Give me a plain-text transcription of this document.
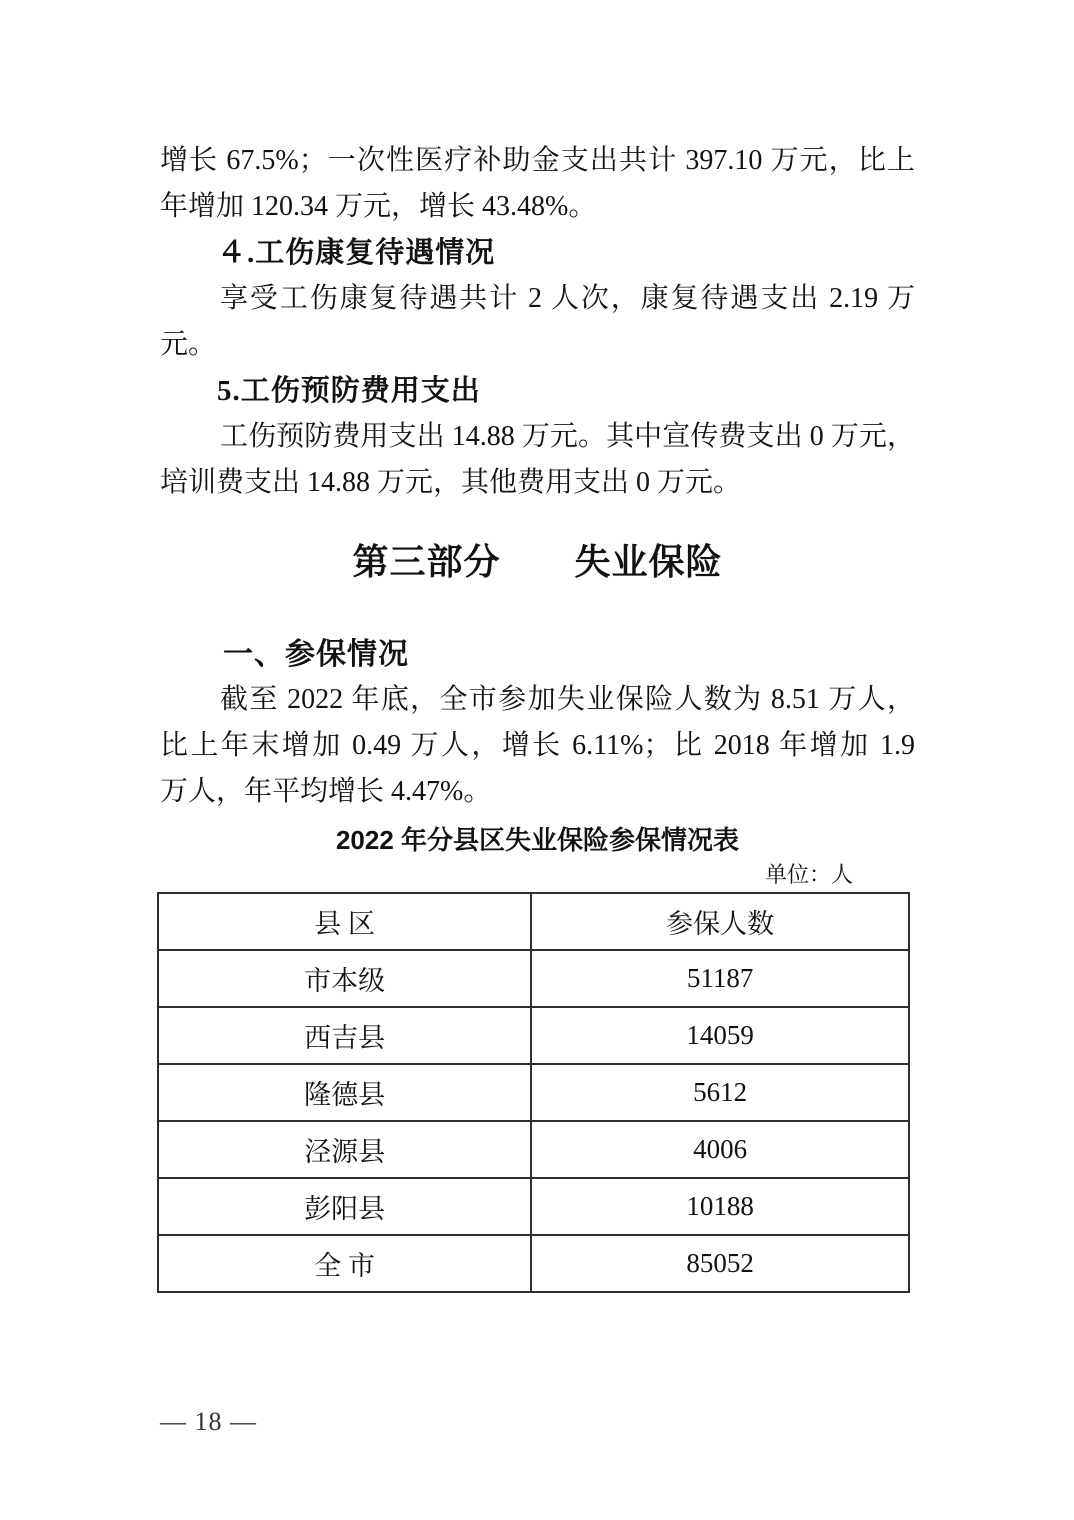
增长 67.5%；一次性医疗补助金支出共计 397.10 万元，比上
年增加 120.34 万元，增长 43.48%。
４.工伤康复待遇情况
享受工伤康复待遇共计 2 人次，康复待遇支出 2.19 万
元。
5.工伤预防费用支出
工伤预防费用支出 14.88 万元。其中宣传费支出 0 万元，
培训费支出 14.88 万元，其他费用支出 0 万元。
第三部分　　失业保险
一、参保情况
截至 2022 年底，全市参加失业保险人数为 8.51 万人，
比上年末增加 0.49 万人，增长 6.11%；比 2018 年增加 1.9
万人，年平均增长 4.47%。
2022 年分县区失业保险参保情况表
单位：人
县 区	参保人数
市本级	51187
西吉县	14059
隆德县	5612
泾源县	4006
彭阳县	10188
全 市	85052
— 18 —
